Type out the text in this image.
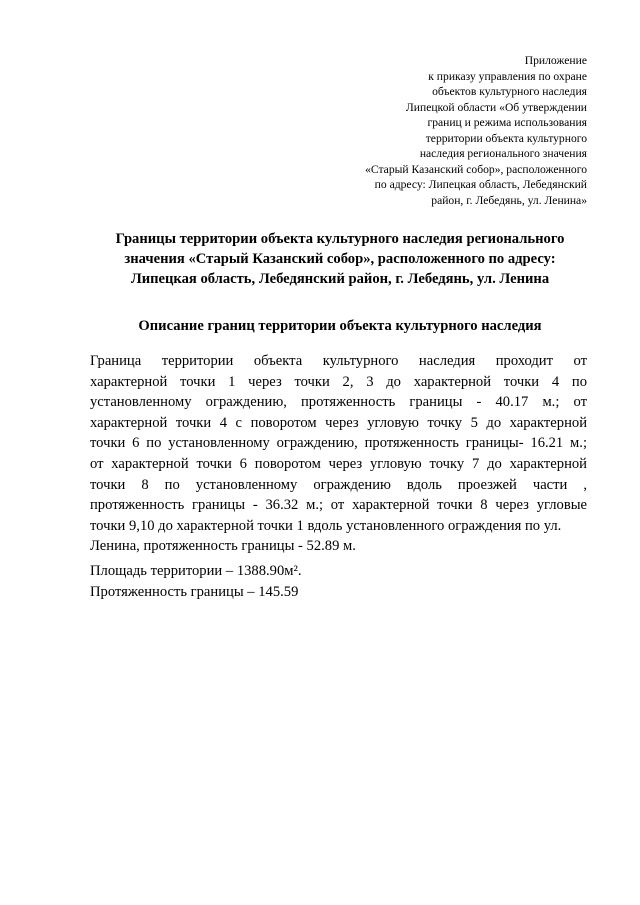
Приложение
к приказу управления по охране
объектов культурного наследия
Липецкой области «Об утверждении
границ и режима использования
территории объекта культурного
наследия регионального значения
«Старый Казанский собор», расположенного
по адресу: Липецкая область, Лебедянский
район, г. Лебедянь, ул. Ленина»
Границы территории объекта культурного наследия регионального
значения «Старый Казанский собор», расположенного по адресу:
Липецкая область, Лебедянский район, г. Лебедянь, ул. Ленина
Описание границ территории объекта культурного наследия
Граница территории объекта культурного наследия проходит от
характерной точки 1 через точки 2, 3 до характерной точки 4 по
установленному ограждению, протяженность границы - 40.17 м.; от
характерной точки 4 с поворотом через угловую точку 5 до характерной
точки 6 по установленному ограждению, протяженность границы- 16.21 м.;
от характерной точки 6 поворотом через угловую точку 7 до характерной
точки 8 по установленному ограждению вдоль проезжей части ,
протяженность границы - 36.32 м.; от характерной точки 8 через угловые
точки 9,10 до характерной точки 1 вдоль установленного ограждения по ул.
Ленина, протяженность границы - 52.89 м.
Площадь территории – 1388.90м².
Протяженность границы – 145.59
